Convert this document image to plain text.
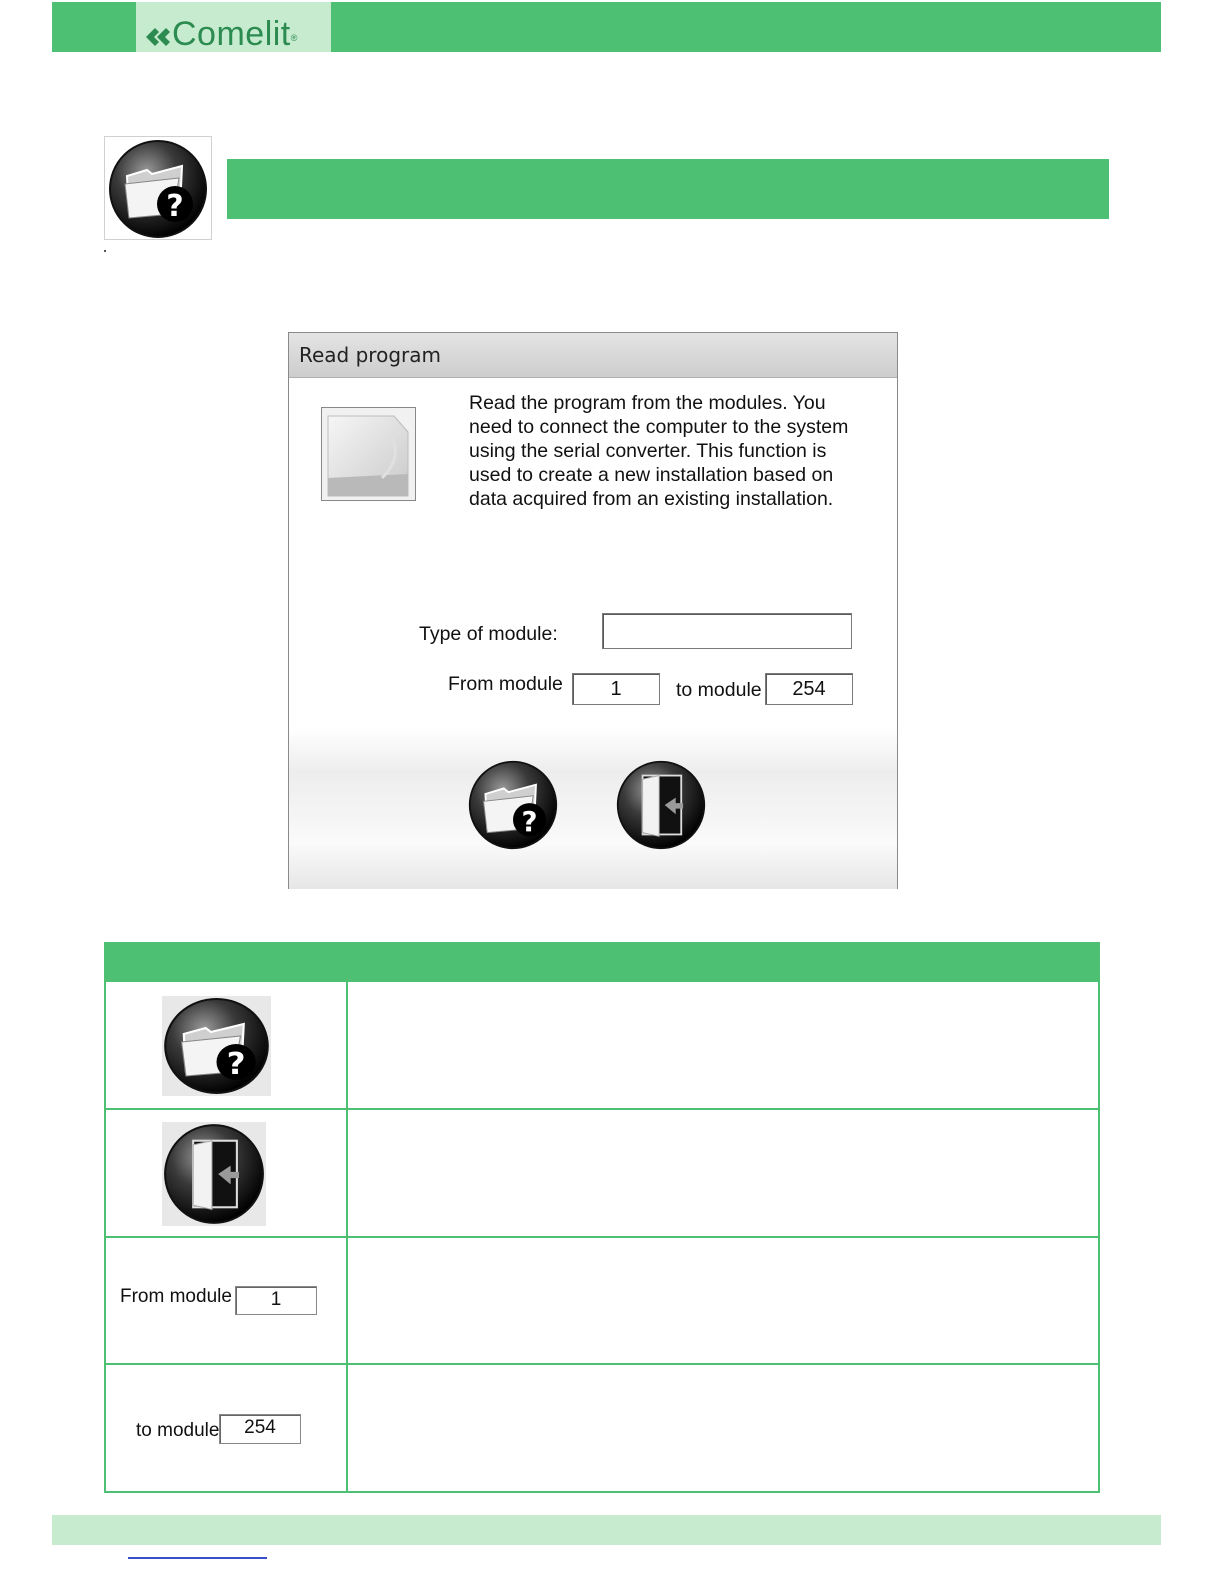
Comelit®
?
Read program
Read the program from the modules. You need to connect the computer to the system using the serial converter. This function is used to create a new installation based on data acquired from an existing installation.
Type of module:
From module	1	to module	254
?
?
From module	1
to module	254
